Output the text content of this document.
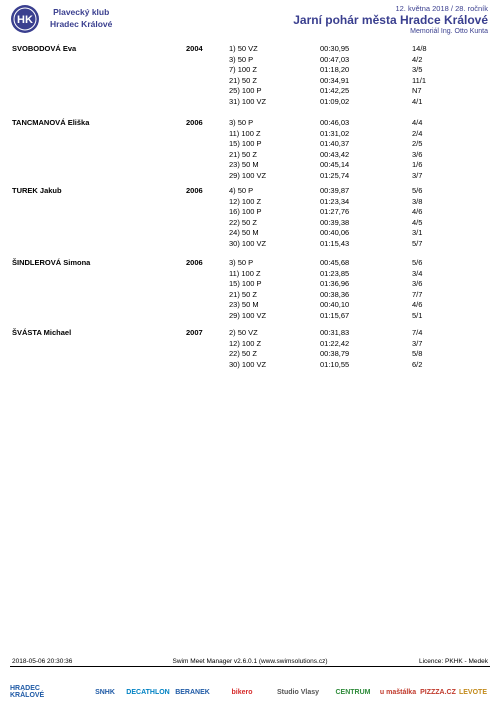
HK
Plavecký klub
Hradec Králové
12. května 2018 / 28. ročník
Jarní pohár města Hradce Králové
Memoriál Ing. Otto Kunta
SVOBODOVÁ Eva	2004	1) 50 VZ	00:30,95	14/8
3) 50 P	00:47,03	4/2
7) 100 Z	01:18,20	3/5
21) 50 Z	00:34,91	11/1
25) 100 P	01:42,25	N7
31) 100 VZ	01:09,02	4/1
TANCMANOVÁ Eliška	2006	3) 50 P	00:46,03	4/4
11) 100 Z	01:31,02	2/4
15) 100 P	01:40,37	2/5
21) 50 Z	00:43,42	3/6
23) 50 M	00:45,14	1/6
29) 100 VZ	01:25,74	3/7
TUREK Jakub	2006	4) 50 P	00:39,87	5/6
12) 100 Z	01:23,34	3/8
16) 100 P	01:27,76	4/6
22) 50 Z	00:39,38	4/5
24) 50 M	00:40,06	3/1
30) 100 VZ	01:15,43	5/7
ŠINDLEROVÁ Simona	2006	3) 50 P	00:45,68	5/6
11) 100 Z	01:23,85	3/4
15) 100 P	01:36,96	3/6
21) 50 Z	00:38,36	7/7
23) 50 M	00:40,10	4/6
29) 100 VZ	01:15,67	5/1
ŠVÁSTA Michael	2007	2) 50 VZ	00:31,83	7/4
12) 100 Z	01:22,42	3/7
22) 50 Z	00:38,79	5/8
30) 100 VZ	01:10,55	6/2
2018-05-06 20:30:36	Swim Meet Manager v2.6.0.1 (www.swimsolutions.cz)	Licence: PKHK - Medek
HRADEC KRÁLOVÉ	SNHK	DECATHLON BERANEK	bikero	Studio Vlasy	CENTRUM	u maštálka PIZZZA.CZ LEVOTE
